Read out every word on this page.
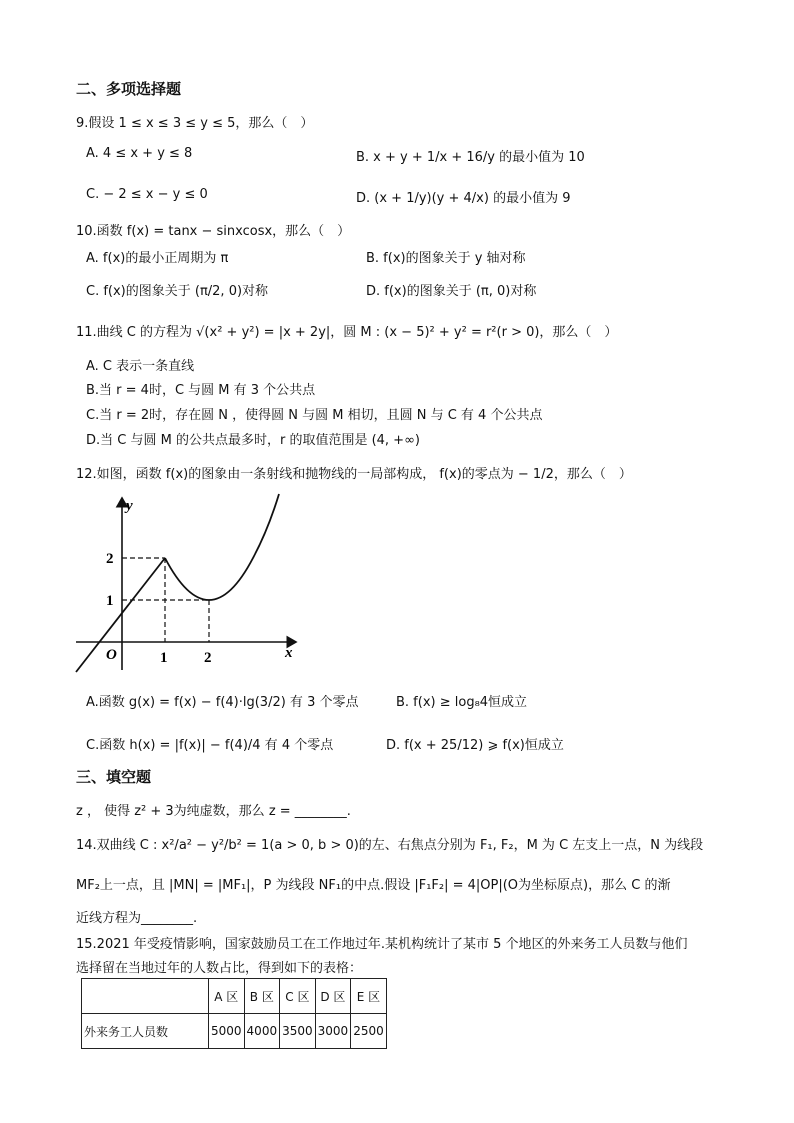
二、多项选择题
9.假设 1 ≤ x ≤ 3 ≤ y ≤ 5，那么（　）
A. 4 ≤ x + y ≤ 8	B. x + y + 1/x + 16/y 的最小值为 10
C. − 2 ≤ x − y ≤ 0	D. (x + 1/y)(y + 4/x) 的最小值为 9
10.函数 f(x) = tanx − sinxcosx，那么（　）
A. f(x)的最小正周期为 π	B. f(x)的图象关于 y 轴对称
C. f(x)的图象关于 (π/2, 0)对称	D. f(x)的图象关于 (π, 0)对称
11.曲线 C 的方程为 √(x² + y²) = |x + 2y|，圆 M : (x − 5)² + y² = r²(r > 0)，那么（　）
A. C 表示一条直线
B.当 r = 4时，C 与圆 M 有 3 个公共点
C.当 r = 2时，存在圆 N ，使得圆 N 与圆 M 相切，且圆 N 与 C 有 4 个公共点
D.当 C 与圆 M 的公共点最多时，r 的取值范围是 (4, +∞)
12.如图，函数 f(x)的图象由一条射线和抛物线的一局部构成， f(x)的零点为 − 1/2，那么（　）
y
x
O
2
1
1 2
A.函数 g(x) = f(x) − f(4)·lg(3/2) 有 3 个零点	B. f(x) ≥ log₈4恒成立
C.函数 h(x) = |f(x)| − f(4)/4 有 4 个零点	D. f(x + 25/12) ⩾ f(x)恒成立
三、填空题
z ， 使得 z² + 3为纯虚数，那么 z = ________.
14.双曲线 C : x²/a² − y²/b² = 1(a > 0, b > 0)的左、右焦点分别为 F₁, F₂，M 为 C 左支上一点，N 为线段
MF₂上一点，且 |MN| = |MF₁|，P 为线段 NF₁的中点.假设 |F₁F₂| = 4|OP|(O为坐标原点)，那么 C 的渐
近线方程为________.
15.2021 年受疫情影响，国家鼓励员工在工作地过年.某机构统计了某市 5 个地区的外来务工人员数与他们
选择留在当地过年的人数占比，得到如下的表格：
	A 区	B 区	C 区	D 区	E 区
外来务工人员数	5000	4000	3500	3000	2500
